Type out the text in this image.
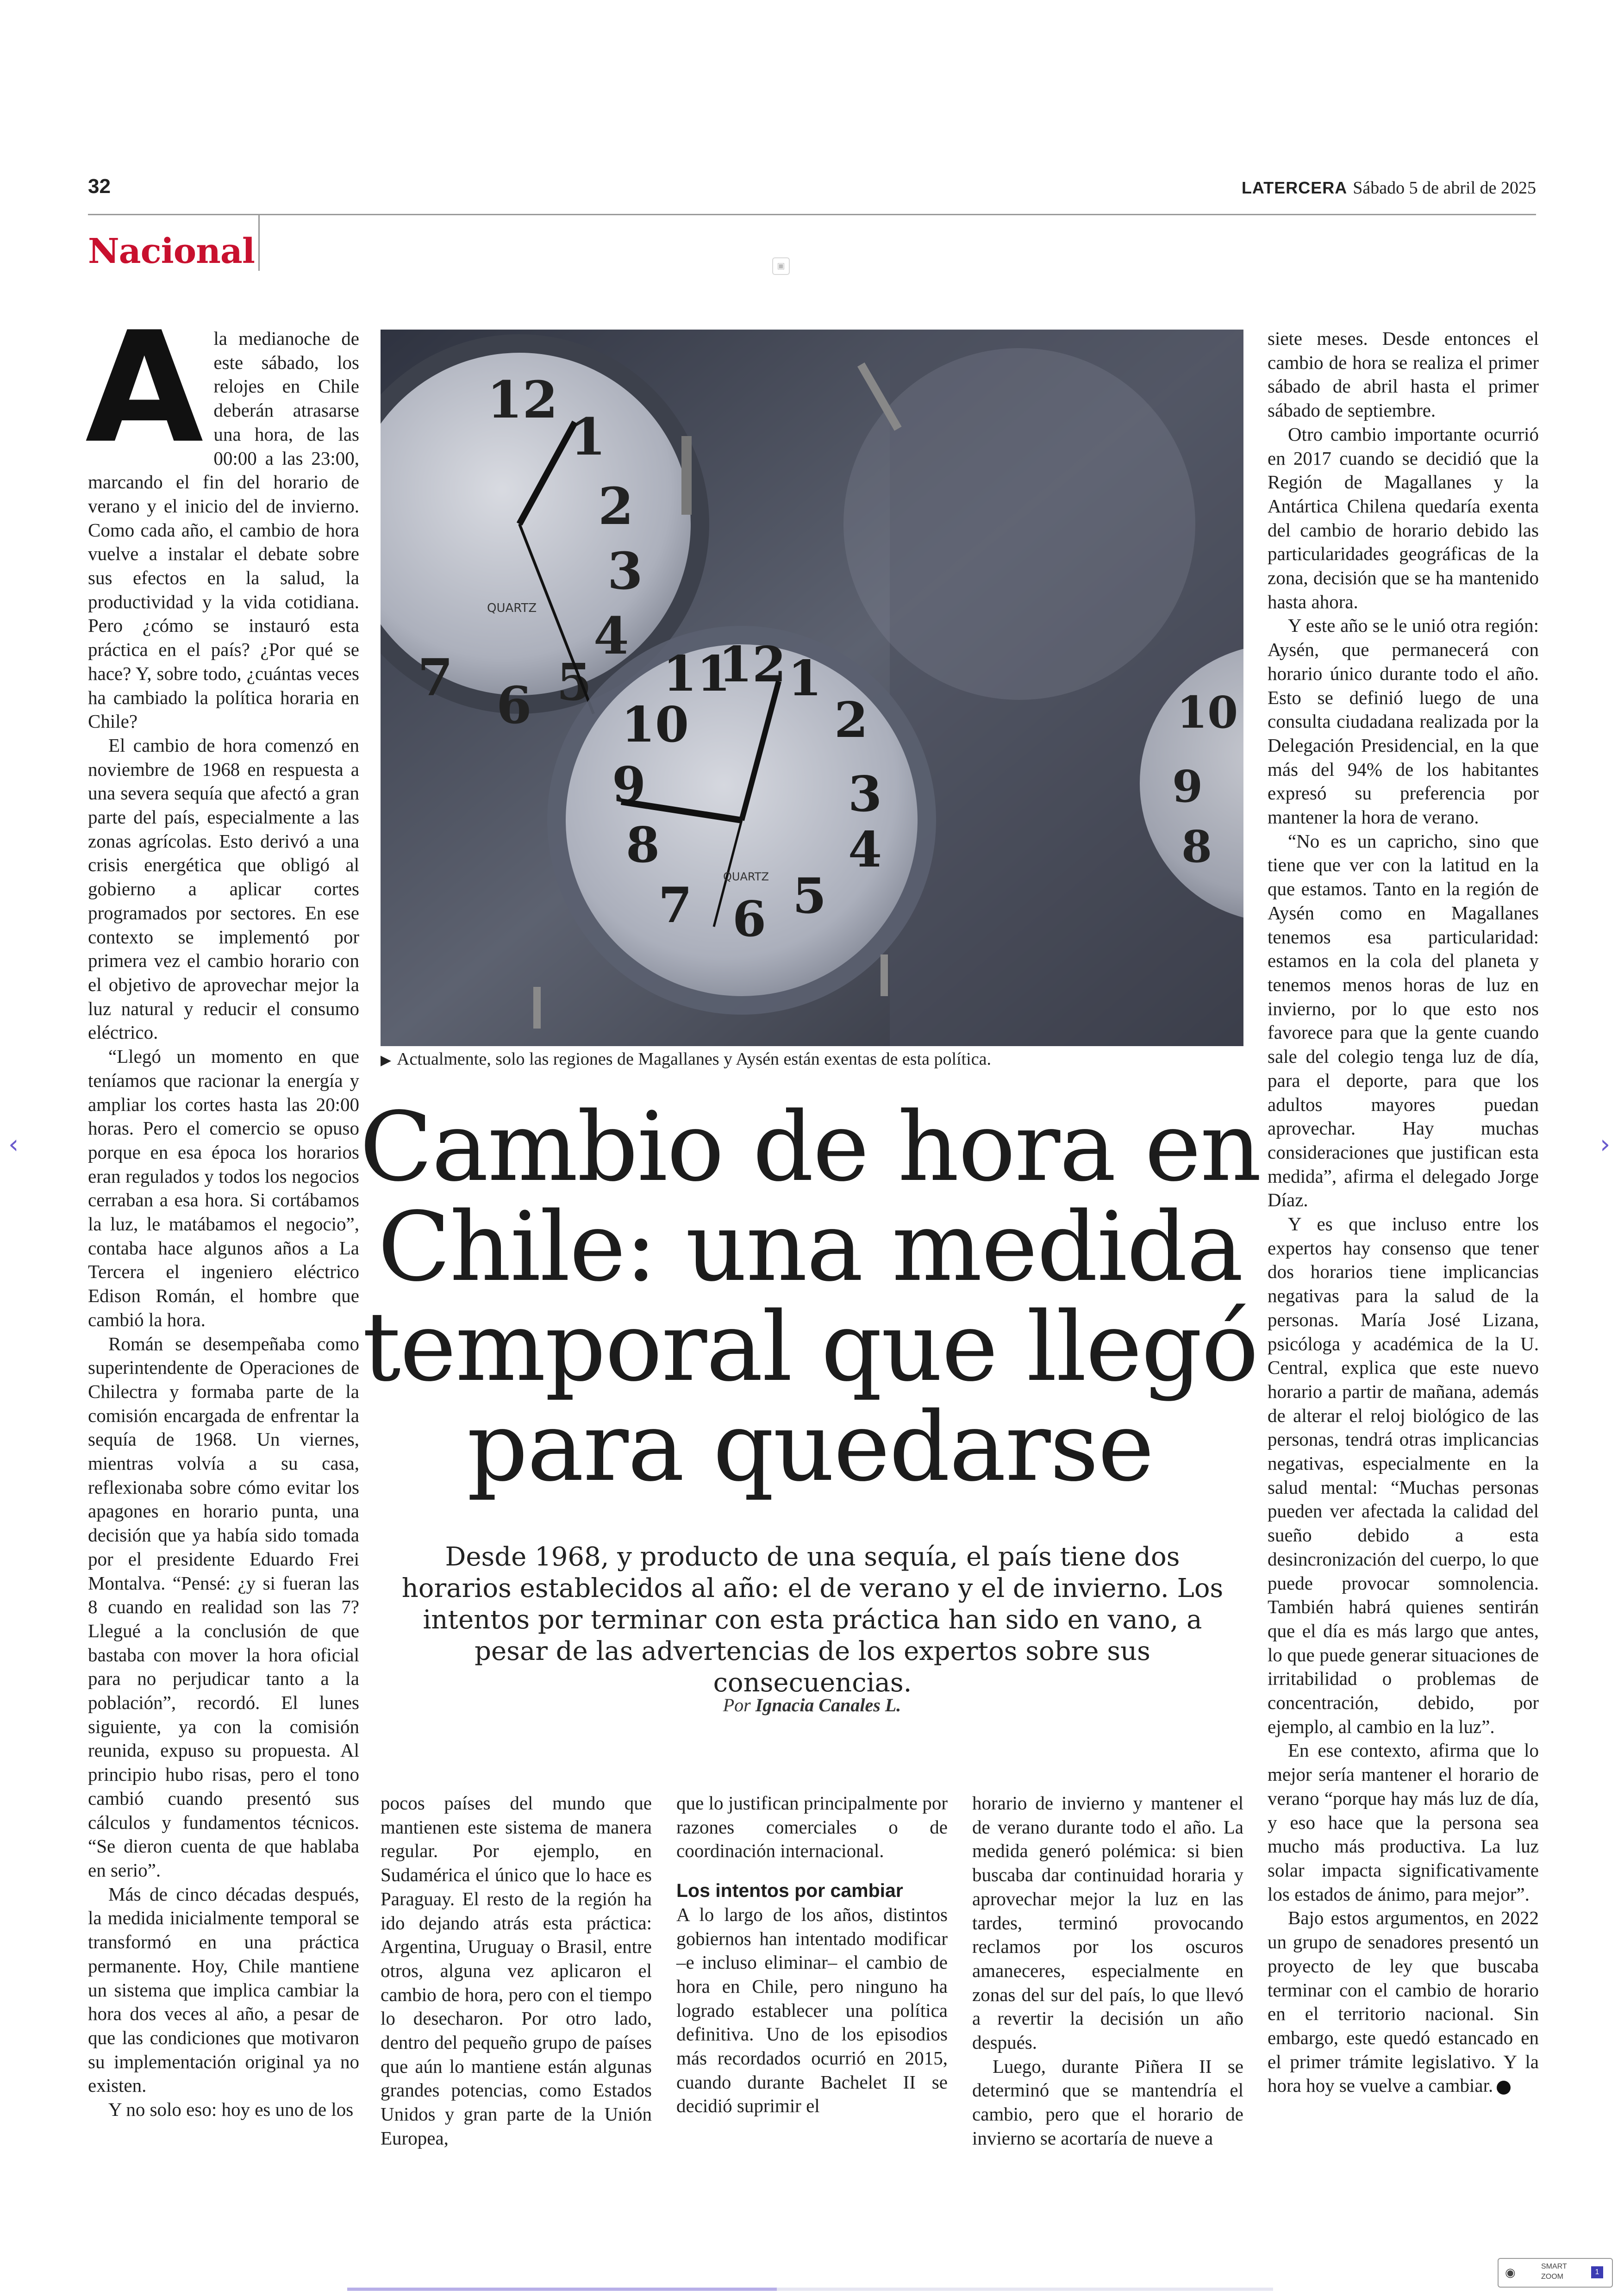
32	LATERCERA Sábado 5 de abril de 2025
Nacional	▣
A la medianoche de este sábado, los relojes en Chile deberán atrasarse una hora, de las 00:00 a las 23:00, marcando el fin del horario de verano y el inicio del de invierno. Como cada año, el cambio de hora vuelve a instalar el debate sobre sus efectos en la salud, la productividad y la vida cotidiana. Pero ¿cómo se instauró esta práctica en el país? ¿Por qué se hace? Y, sobre todo, ¿cuántas veces ha cambiado la política horaria en Chile?

El cambio de hora comenzó en noviembre de 1968 en respuesta a una severa sequía que afectó a gran parte del país, especialmente a las zonas agrícolas. Esto derivó a una crisis energética que obligó al gobierno a aplicar cortes programados por sectores. En ese contexto se implementó por primera vez el cambio horario con el objetivo de aprovechar mejor la luz natural y reducir el consumo eléctrico.

“Llegó un momento en que teníamos que racionar la energía y ampliar los cortes hasta las 20:00 horas. Pero el comercio se opuso porque en esa época los horarios eran regulados y todos los negocios cerraban a esa hora. Si cortábamos la luz, le matábamos el negocio”, contaba hace algunos años a La Tercera el ingeniero eléctrico Edison Román, el hombre que cambió la hora.

Román se desempeñaba como superintendente de Operaciones de Chilectra y formaba parte de la comisión encargada de enfrentar la sequía de 1968. Un viernes, mientras volvía a su casa, reflexionaba sobre cómo evitar los apagones en horario punta, una decisión que ya había sido tomada por el presidente Eduardo Frei Montalva. “Pensé: ¿y si fueran las 8 cuando en realidad son las 7? Llegué a la conclusión de que bastaba con mover la hora oficial para no perjudicar tanto a la población”, recordó. El lunes siguiente, ya con la comisión reunida, expuso su propuesta. Al principio hubo risas, pero el tono cambió cuando presentó sus cálculos y fundamentos técnicos. “Se dieron cuenta de que hablaba en serio”.

Más de cinco décadas después, la medida inicialmente temporal se transformó en una práctica permanente. Hoy, Chile mantiene un sistema que implica cambiar la hora dos veces al año, a pesar de que las condiciones que motivaron su implementación original ya no existen.

Y no solo eso: hoy es uno de los

12
1
2
3
4
5
6
7
QUARTZ
11
12 1
2
3
4
5
6
7
8
9
10
QUARTZ
10
9
8
▶ Actualmente, solo las regiones de Magallanes y Aysén están exentas de esta política.
Cambio de hora en
Chile: una medida
temporal que llegó
para quedarse
Desde 1968, y producto de una sequía, el país tiene dos horarios establecidos al año: el de verano y el de invierno. Los intentos por terminar con esta práctica han sido en vano, a pesar de las advertencias de los expertos sobre sus consecuencias.
Por Ignacia Canales L.

pocos países del mundo que mantienen este sistema de manera regular. Por ejemplo, en Sudamérica el único que lo hace es Paraguay. El resto de la región ha ido dejando atrás esta práctica: Argentina, Uruguay o Brasil, entre otros, alguna vez aplicaron el cambio de hora, pero con el tiempo lo desecharon. Por otro lado, dentro del pequeño grupo de países que aún lo mantiene están algunas grandes potencias, como Estados Unidos y gran parte de la Unión Europea,

que lo justifican principalmente por razones comerciales o de coordinación internacional.

Los intentos por cambiar

A lo largo de los años, distintos gobiernos han intentado modificar –e incluso eliminar– el cambio de hora en Chile, pero ninguno ha logrado establecer una política definitiva. Uno de los episodios más recordados ocurrió en 2015, cuando durante Bachelet II se decidió suprimir el

horario de invierno y mantener el de verano durante todo el año. La medida generó polémica: si bien buscaba dar continuidad horaria y aprovechar mejor la luz en las tardes, terminó provocando reclamos por los oscuros amaneceres, especialmente en zonas del sur del país, lo que llevó a revertir la decisión un año después.

Luego, durante Piñera II se determinó que se mantendría el cambio, pero que el horario de invierno se acortaría de nueve a

siete meses. Desde entonces el cambio de hora se realiza el primer sábado de abril hasta el primer sábado de septiembre.

Otro cambio importante ocurrió en 2017 cuando se decidió que la Región de Magallanes y la Antártica Chilena quedaría exenta del cambio de horario debido las particularidades geográficas de la zona, decisión que se ha mantenido hasta ahora.

Y este año se le unió otra región: Aysén, que permanecerá con horario único durante todo el año. Esto se definió luego de una consulta ciudadana realizada por la Delegación Presidencial, en la que más del 94% de los habitantes expresó su preferencia por mantener la hora de verano.

“No es un capricho, sino que tiene que ver con la latitud en la que estamos. Tanto en la región de Aysén como en Magallanes tenemos esa particularidad: estamos en la cola del planeta y tenemos menos horas de luz en invierno, por lo que esto nos favorece para que la gente cuando sale del colegio tenga luz de día, para el deporte, para que los adultos mayores puedan aprovechar. Hay muchas consideraciones que justifican esta medida”, afirma el delegado Jorge Díaz.

Y es que incluso entre los expertos hay consenso que tener dos horarios tiene implicancias negativas para la salud de la personas. María José Lizana, psicóloga y académica de la U. Central, explica que este nuevo horario a partir de mañana, además de alterar el reloj biológico de las personas, tendrá otras implicancias negativas, especialmente en la salud mental: “Muchas personas pueden ver afectada la calidad del sueño debido a esta desincronización del cuerpo, lo que puede provocar somnolencia. También habrá quienes sentirán que el día es más largo que antes, lo que puede generar situaciones de irritabilidad o problemas de concentración, debido, por ejemplo, al cambio en la luz”.

En ese contexto, afirma que lo mejor sería mantener el horario de verano “porque hay más luz de día, y eso hace que la persona sea mucho más productiva. La luz solar impacta significativamente los estados de ánimo, para mejor”.

Bajo estos argumentos, en 2022 un grupo de senadores presentó un proyecto de ley que buscaba terminar con el cambio de horario en el territorio nacional. Sin embargo, este quedó estancado en el primer trámite legislativo. Y la hora hoy se vuelve a cambiar.

‹	›
◉	SMART
ZOOM
1
